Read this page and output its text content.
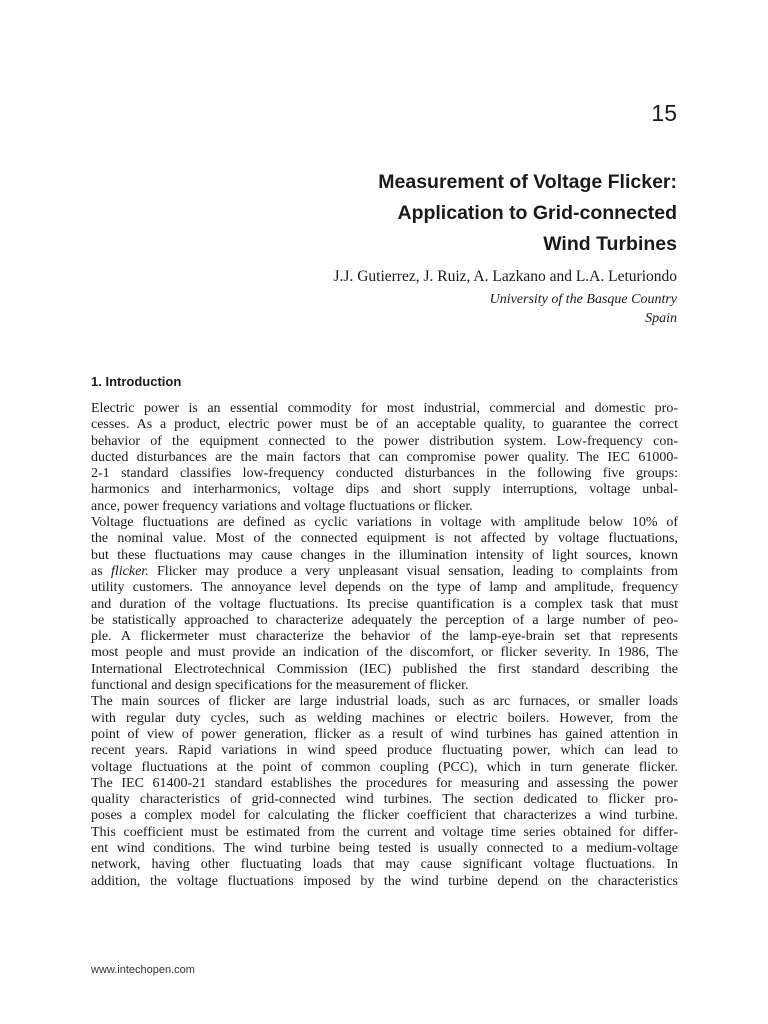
15
Measurement of Voltage Flicker:
Application to Grid-connected
Wind Turbines
J.J. Gutierrez, J. Ruiz, A. Lazkano and L.A. Leturiondo
University of the Basque Country
Spain
1. Introduction
Electric power is an essential commodity for most industrial, commercial and domestic pro-
cesses. As a product, electric power must be of an acceptable quality, to guarantee the correct
behavior of the equipment connected to the power distribution system. Low-frequency con-
ducted disturbances are the main factors that can compromise power quality. The IEC 61000-
2-1 standard classifies low-frequency conducted disturbances in the following five groups:
harmonics and interharmonics, voltage dips and short supply interruptions, voltage unbal-
ance, power frequency variations and voltage fluctuations or flicker.
Voltage fluctuations are defined as cyclic variations in voltage with amplitude below 10% of
the nominal value. Most of the connected equipment is not affected by voltage fluctuations,
but these fluctuations may cause changes in the illumination intensity of light sources, known
as flicker. Flicker may produce a very unpleasant visual sensation, leading to complaints from
utility customers. The annoyance level depends on the type of lamp and amplitude, frequency
and duration of the voltage fluctuations. Its precise quantification is a complex task that must
be statistically approached to characterize adequately the perception of a large number of peo-
ple. A flickermeter must characterize the behavior of the lamp-eye-brain set that represents
most people and must provide an indication of the discomfort, or flicker severity. In 1986, The
International Electrotechnical Commission (IEC) published the first standard describing the
functional and design specifications for the measurement of flicker.
The main sources of flicker are large industrial loads, such as arc furnaces, or smaller loads
with regular duty cycles, such as welding machines or electric boilers. However, from the
point of view of power generation, flicker as a result of wind turbines has gained attention in
recent years. Rapid variations in wind speed produce fluctuating power, which can lead to
voltage fluctuations at the point of common coupling (PCC), which in turn generate flicker.
The IEC 61400-21 standard establishes the procedures for measuring and assessing the power
quality characteristics of grid-connected wind turbines. The section dedicated to flicker pro-
poses a complex model for calculating the flicker coefficient that characterizes a wind turbine.
This coefficient must be estimated from the current and voltage time series obtained for differ-
ent wind conditions. The wind turbine being tested is usually connected to a medium-voltage
network, having other fluctuating loads that may cause significant voltage fluctuations. In
addition, the voltage fluctuations imposed by the wind turbine depend on the characteristics
www.intechopen.com
